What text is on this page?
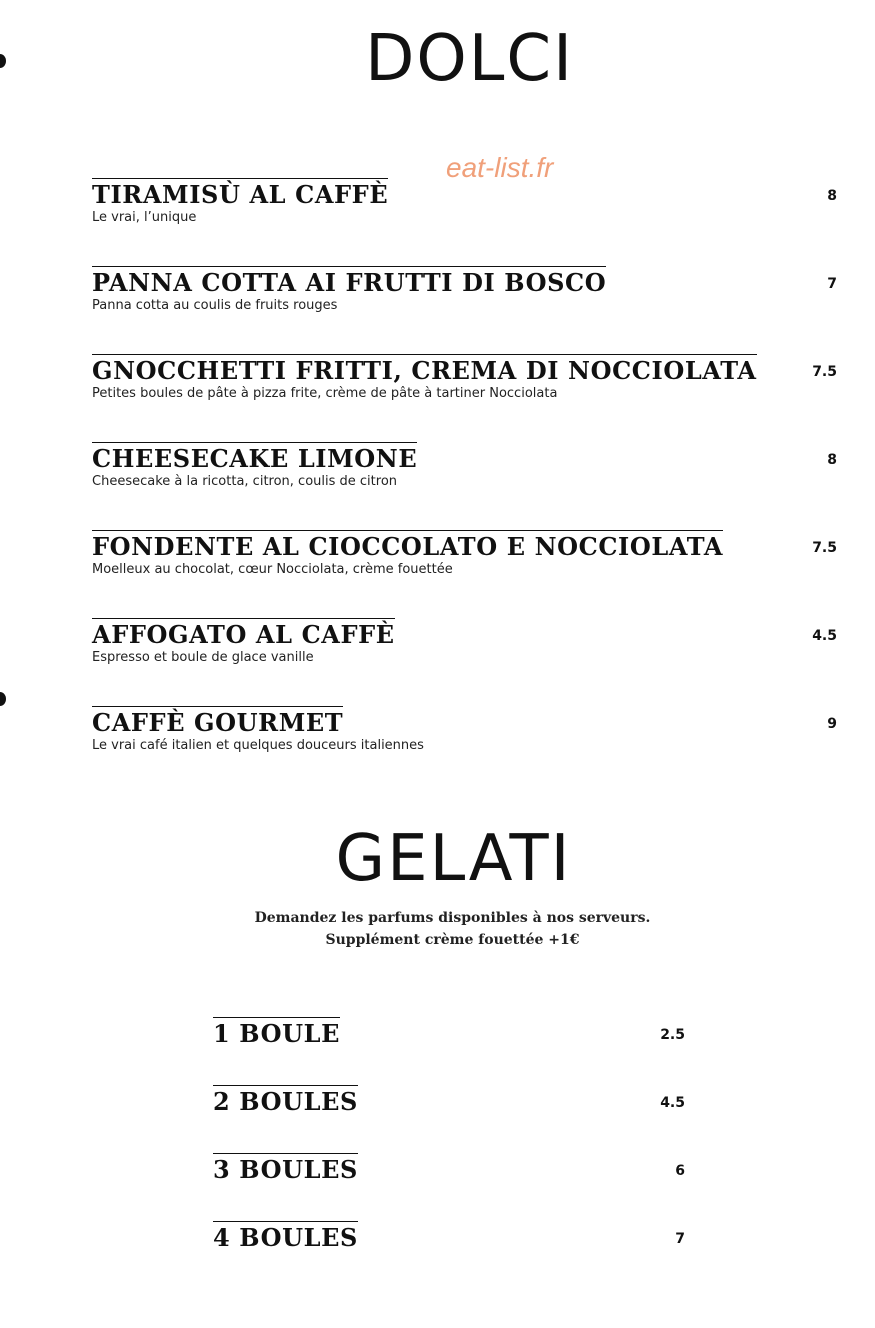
DOLCI
eat-list.fr
TIRAMISÙ AL CAFFÈ
Le vrai, l’unique
8
PANNA COTTA AI FRUTTI DI BOSCO
Panna cotta au coulis de fruits rouges
7
GNOCCHETTI FRITTI, CREMA DI NOCCIOLATA
Petites boules de pâte à pizza frite, crème de pâte à tartiner Nocciolata
7.5
CHEESECAKE LIMONE
Cheesecake à la ricotta, citron, coulis de citron
8
FONDENTE AL CIOCCOLATO E NOCCIOLATA
Moelleux au chocolat, cœur Nocciolata, crème fouettée
7.5
AFFOGATO AL CAFFÈ
Espresso et boule de glace vanille
4.5
CAFFÈ GOURMET
Le vrai café italien et quelques douceurs italiennes
9
GELATI

Demandez les parfums disponibles à nos serveurs.

Supplément crème fouettée +1€

1 BOULE	2.5
2 BOULES	4.5
3 BOULES	6
4 BOULES	7
